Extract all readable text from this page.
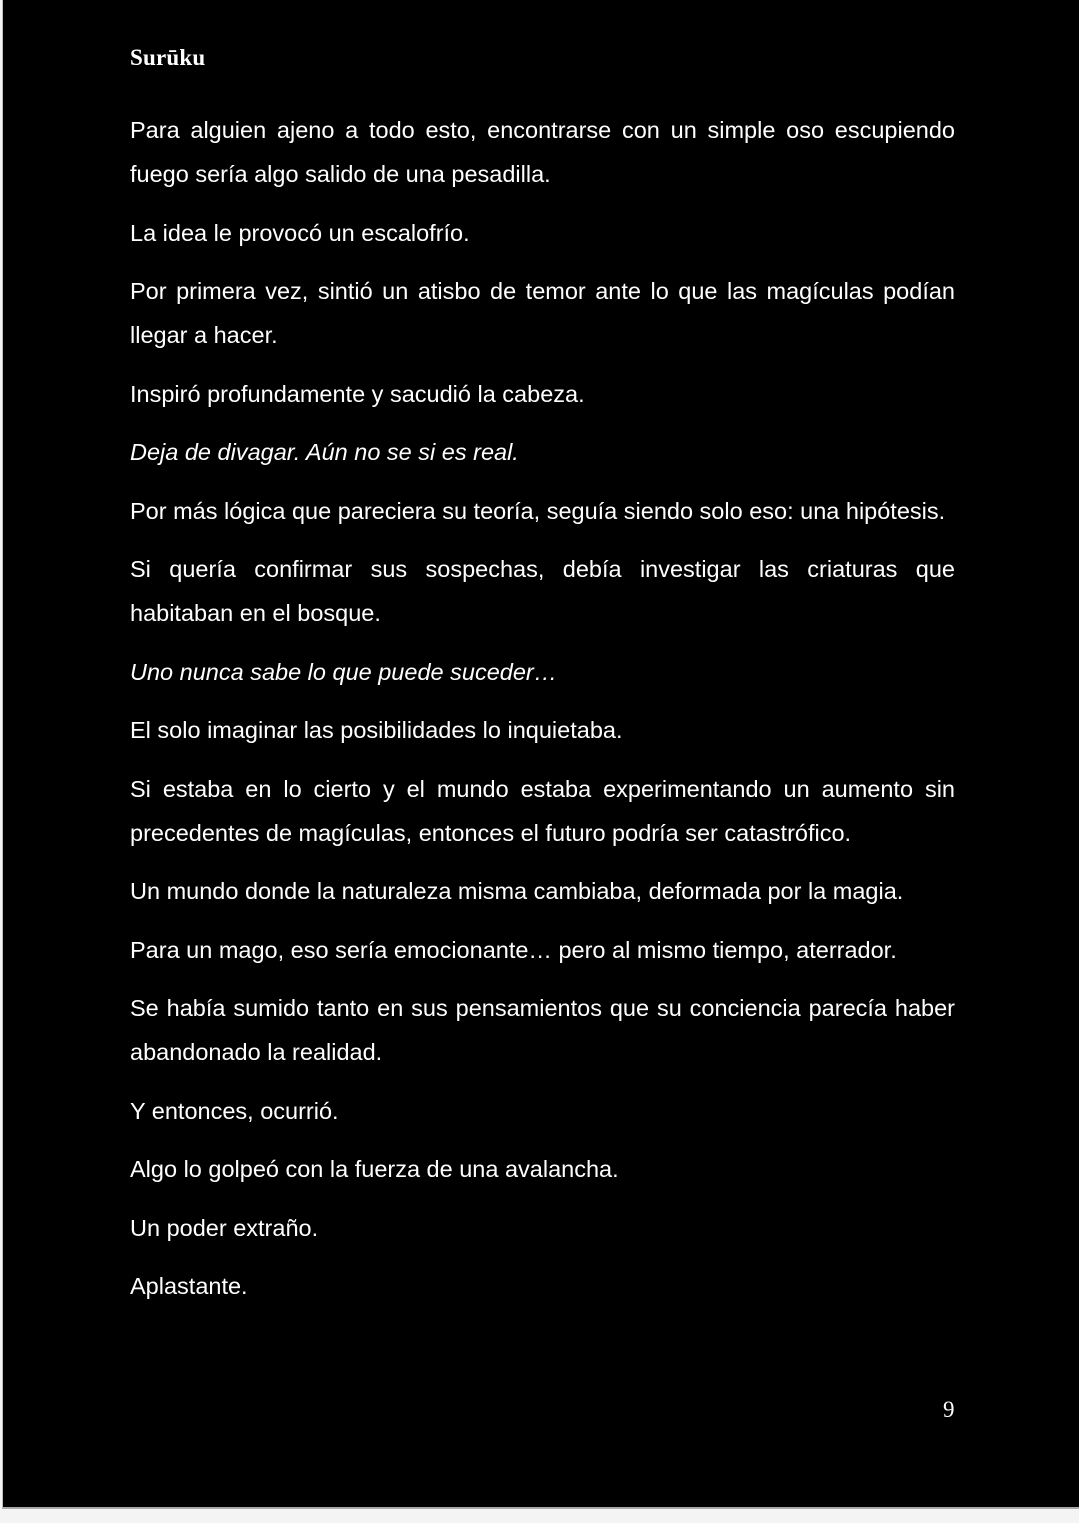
Surūku

Para alguien ajeno a todo esto, encontrarse con un simple oso escupiendo fuego sería algo salido de una pesadilla.

La idea le provocó un escalofrío.

Por primera vez, sintió un atisbo de temor ante lo que las magículas podían llegar a hacer.

Inspiró profundamente y sacudió la cabeza.

Deja de divagar. Aún no se si es real.

Por más lógica que pareciera su teoría, seguía siendo solo eso: una hipótesis.

Si quería confirmar sus sospechas, debía investigar las criaturas que habitaban en el bosque.

Uno nunca sabe lo que puede suceder…

El solo imaginar las posibilidades lo inquietaba.

Si estaba en lo cierto y el mundo estaba experimentando un aumento sin precedentes de magículas, entonces el futuro podría ser catastrófico.

Un mundo donde la naturaleza misma cambiaba, deformada por la magia.

Para un mago, eso sería emocionante… pero al mismo tiempo, aterrador.

Se había sumido tanto en sus pensamientos que su conciencia parecía haber abandonado la realidad.

Y entonces, ocurrió.

Algo lo golpeó con la fuerza de una avalancha.

Un poder extraño.

Aplastante.

9
